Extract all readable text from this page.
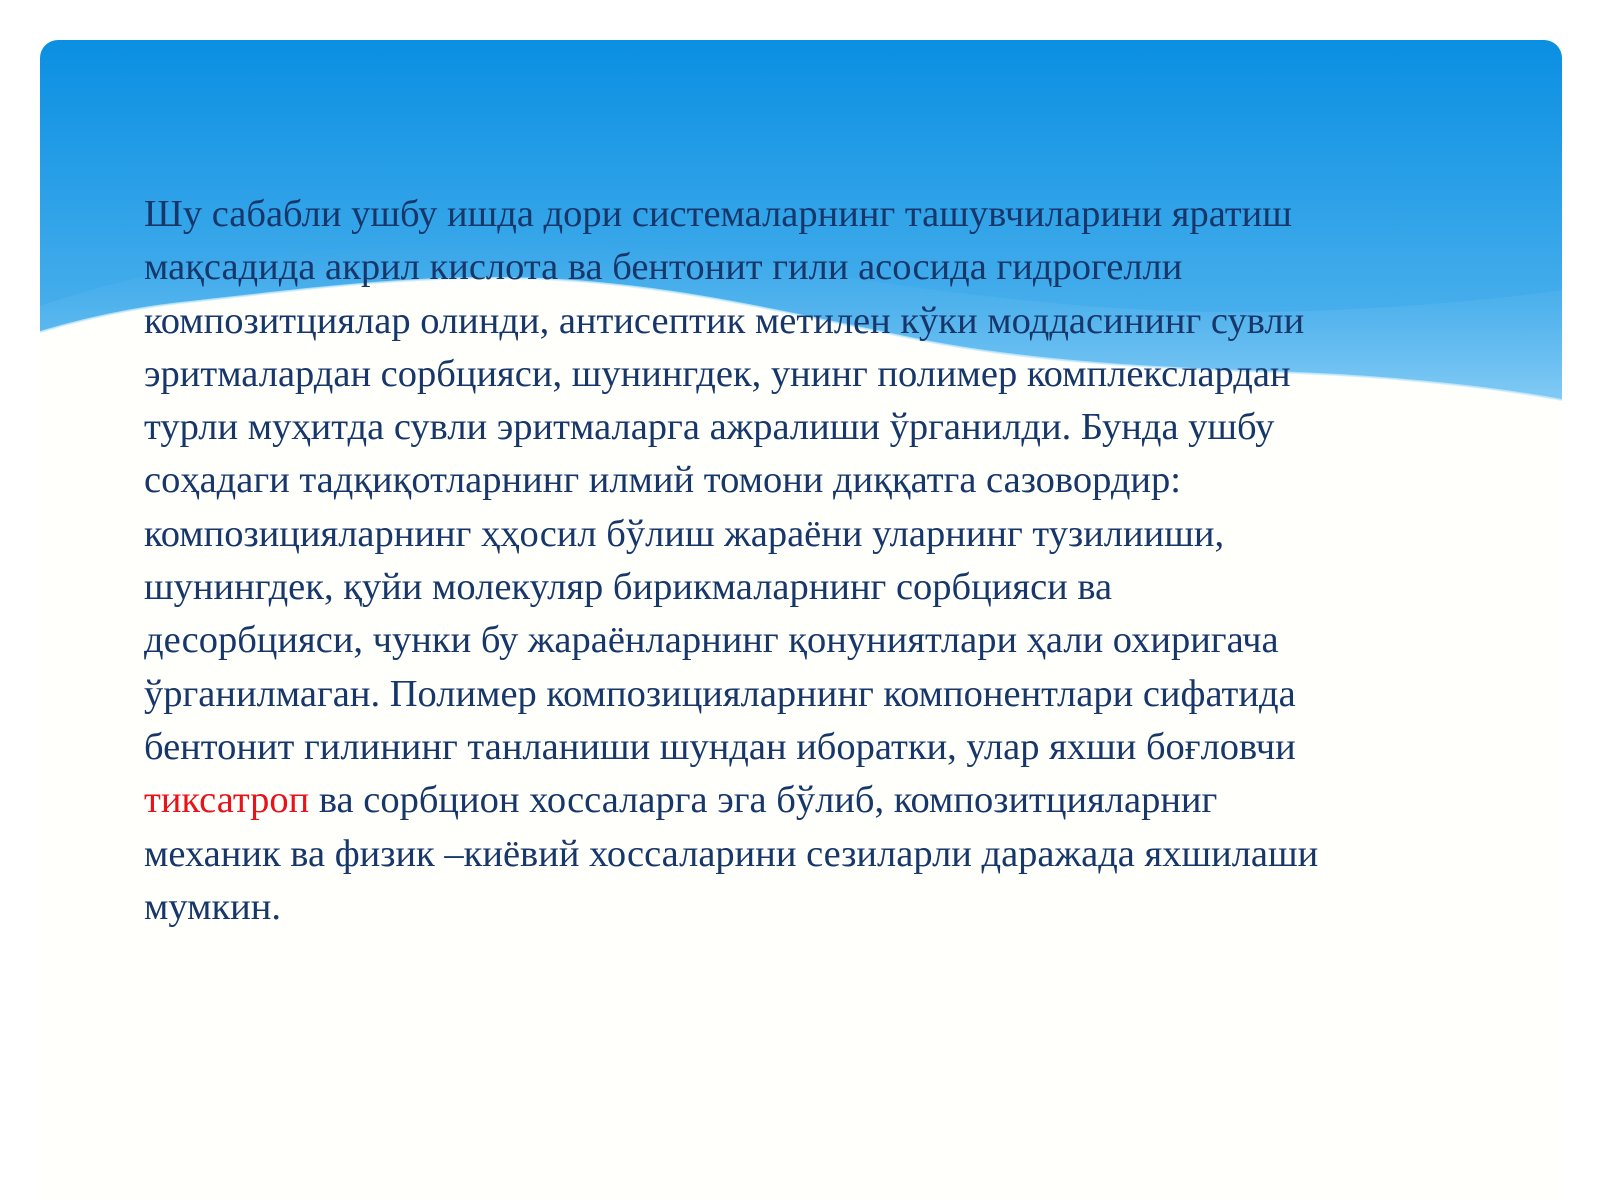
Шу сабабли ушбу ишда дори системаларнинг ташувчиларини яратиш
мақсадида акрил кислота ва бентонит гили асосида гидрогелли
композитциялар олинди, антисептик метилен кўки моддасининг сувли
эритмалардан сорбцияси, шунингдек, унинг полимер комплекслардан
турли муҳитда сувли эритмаларга ажралиши ўрганилди. Бунда ушбу
соҳадаги тадқиқотларнинг илмий томони диққатга сазовордир:
композицияларнинг ҳҳосил бўлиш жараёни уларнинг тузилииши,
шунингдек, қуйи молекуляр бирикмаларнинг сорбцияси ва
десорбцияси, чунки бу жараёнларнинг қонуниятлари ҳали охиригача
ўрганилмаган. Полимер композицияларнинг компонентлари сифатида
бентонит гилининг танланиши шундан иборатки, улар яхши боғловчи
тиксатроп ва сорбцион хоссаларга эга бўлиб, композитцияларниг
механик ва физик –киёвий хоссаларини сезиларли даражада яхшилаши
мумкин.
